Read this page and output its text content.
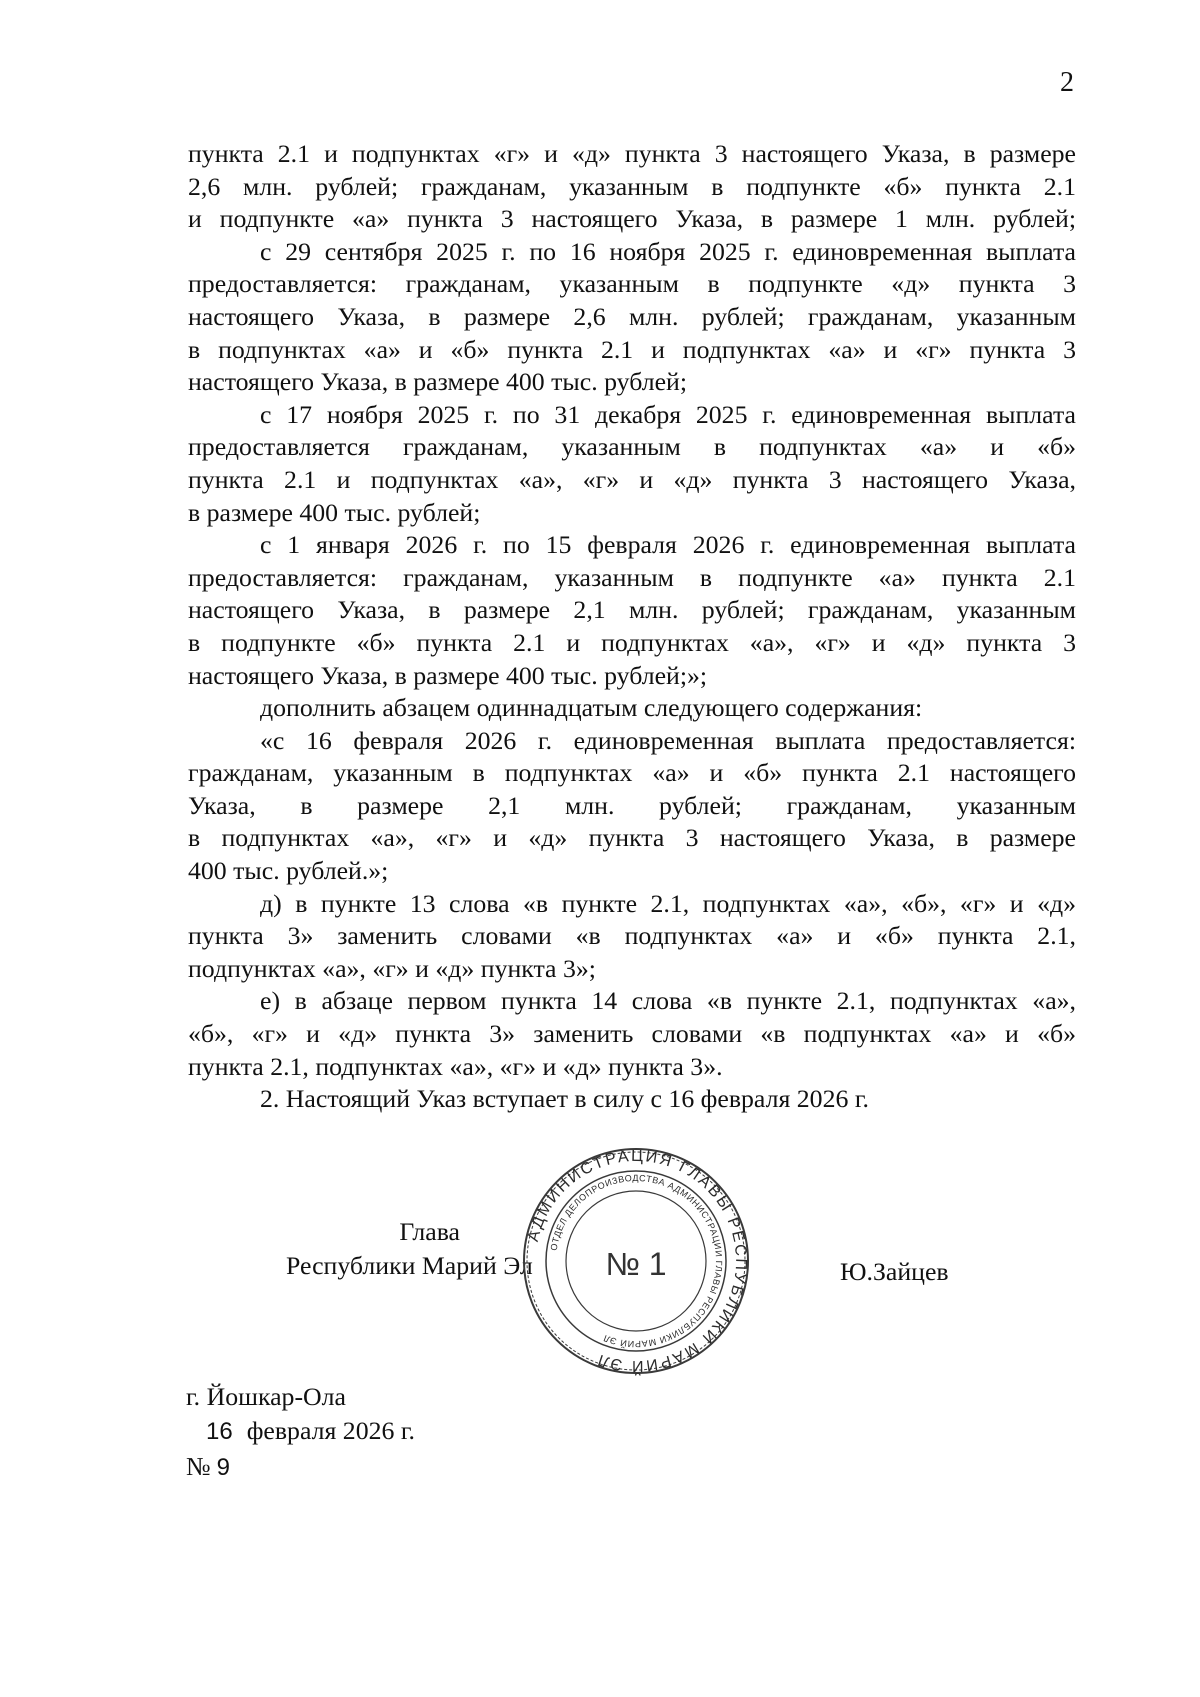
2
пункта 2.1 и подпунктах «г» и «д» пункта 3 настоящего Указа, в размере
2,6 млн. рублей; гражданам, указанным в подпункте «б» пункта 2.1
и подпункте «а» пункта 3 настоящего Указа, в размере 1 млн. рублей;
с 29 сентября 2025 г. по 16 ноября 2025 г. единовременная выплата
предоставляется: гражданам, указанным в подпункте «д» пункта 3
настоящего Указа, в размере 2,6 млн. рублей; гражданам, указанным
в подпунктах «а» и «б» пункта 2.1 и подпунктах «а» и «г» пункта 3
настоящего Указа, в размере 400 тыс. рублей;
с 17 ноября 2025 г. по 31 декабря 2025 г. единовременная выплата
предоставляется гражданам, указанным в подпунктах «а» и «б»
пункта 2.1 и подпунктах «а», «г» и «д» пункта 3 настоящего Указа,
в размере 400 тыс. рублей;
с 1 января 2026 г. по 15 февраля 2026 г. единовременная выплата
предоставляется: гражданам, указанным в подпункте «а» пункта 2.1
настоящего Указа, в размере 2,1 млн. рублей; гражданам, указанным
в подпункте «б» пункта 2.1 и подпунктах «а», «г» и «д» пункта 3
настоящего Указа, в размере 400 тыс. рублей;»;
дополнить абзацем одиннадцатым следующего содержания:
«с 16 февраля 2026 г. единовременная выплата предоставляется:
гражданам, указанным в подпунктах «а» и «б» пункта 2.1 настоящего
Указа, в размере 2,1 млн. рублей; гражданам, указанным
в подпунктах «а», «г» и «д» пункта 3 настоящего Указа, в размере
400 тыс. рублей.»;
д) в пункте 13 слова «в пункте 2.1, подпунктах «а», «б», «г» и «д»
пункта 3» заменить словами «в подпунктах «а» и «б» пункта 2.1,
подпунктах «а», «г» и «д» пункта 3»;
е) в абзаце первом пункта 14 слова «в пункте 2.1, подпунктах «а»,
«б», «г» и «д» пункта 3» заменить словами «в подпунктах «а» и «б»
пункта 2.1, подпунктах «а», «г» и «д» пункта 3».
2. Настоящий Указ вступает в силу с 16 февраля 2026 г.
Глава
Республики Марий Эл
АДМИНИСТРАЦИЯ ГЛАВЫ РЕСПУБЛИКИ МАРИЙ ЭЛ
ОТДЕЛ ДЕЛОПРОИЗВОДСТВА АДМИНИСТРАЦИИ ГЛАВЫ РЕСПУБЛИКИ МАРИЙ ЭЛ
№ 1	Ю.Зайцев
г. Йошкар-Ола
16 февраля 2026 г.
№ 9
